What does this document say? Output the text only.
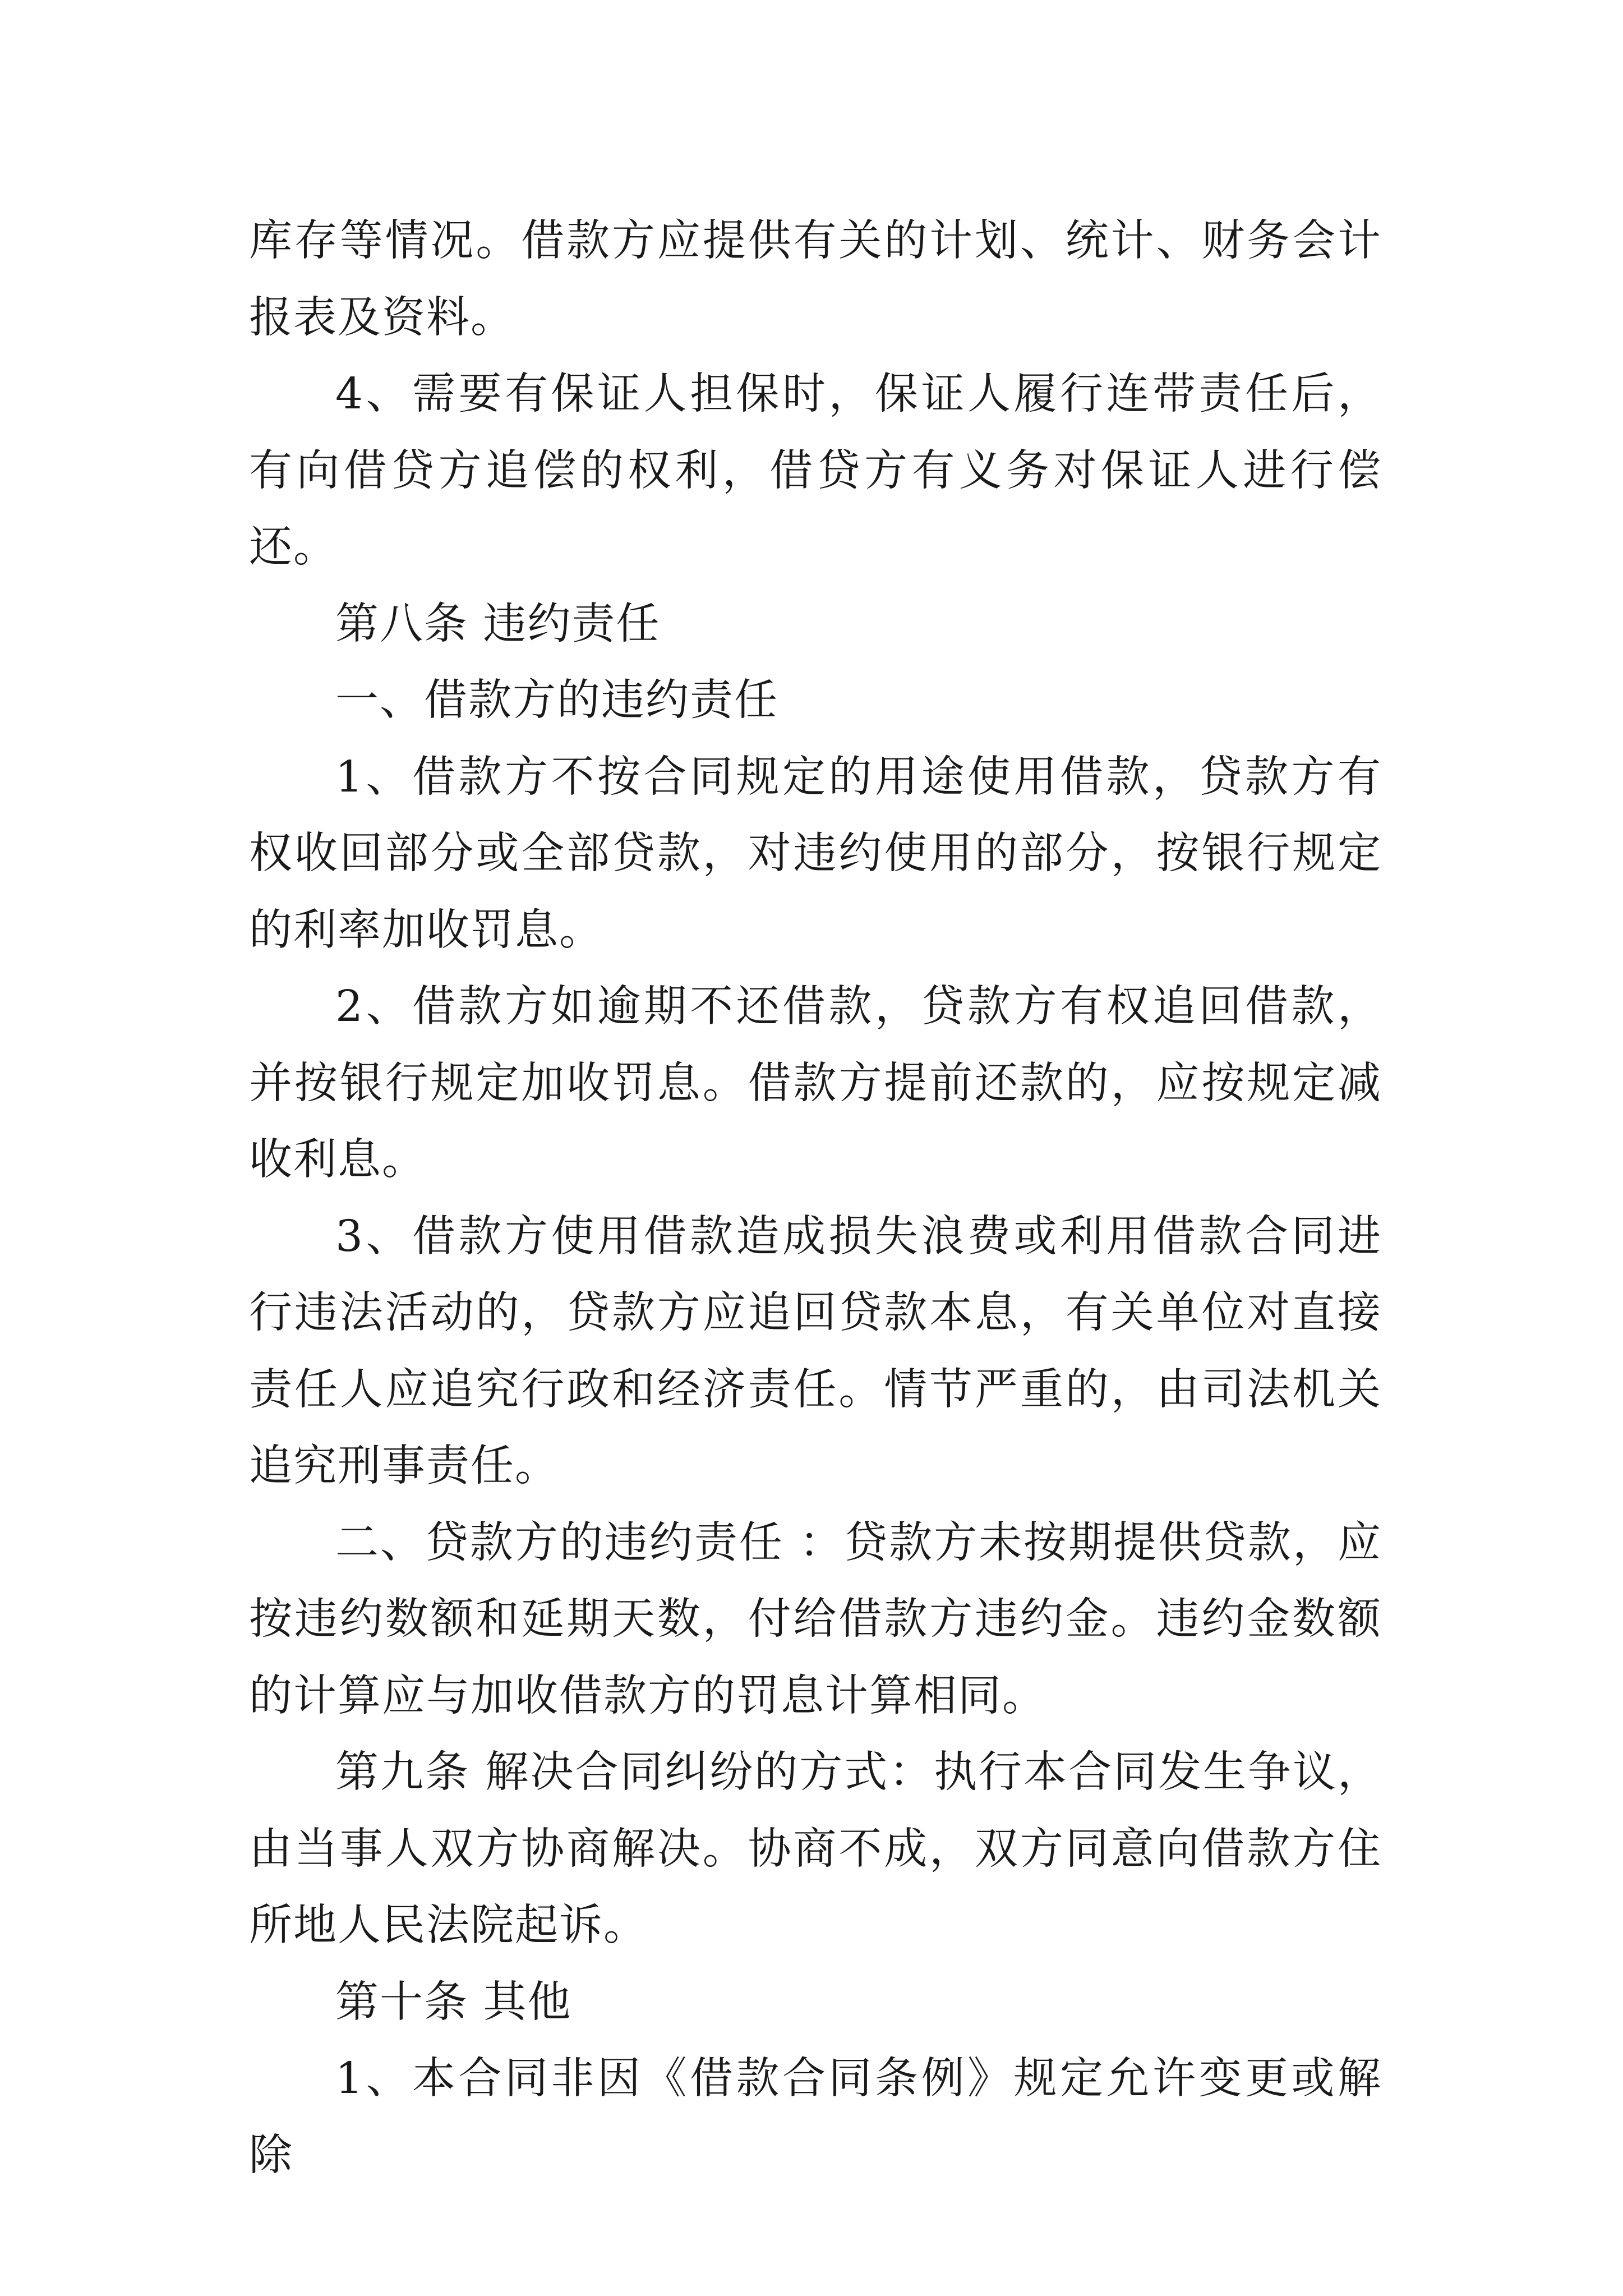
库存等情况。借款方应提供有关的计划、统计、财务会计报表及资料。

4、需要有保证人担保时，保证人履行连带责任后，有向借贷方追偿的权利，借贷方有义务对保证人进行偿还。

第八条 违约责任

一、借款方的违约责任

1、借款方不按合同规定的用途使用借款，贷款方有权收回部分或全部贷款，对违约使用的部分，按银行规定的利率加收罚息。

2、借款方如逾期不还借款，贷款方有权追回借款，并按银行规定加收罚息。借款方提前还款的，应按规定减收利息。

3、借款方使用借款造成损失浪费或利用借款合同进行违法活动的，贷款方应追回贷款本息，有关单位对直接责任人应追究行政和经济责任。情节严重的，由司法机关追究刑事责任。

二、贷款方的违约责任 ：贷款方未按期提供贷款，应按违约数额和延期天数，付给借款方违约金。违约金数额的计算应与加收借款方的罚息计算相同。

第九条 解决合同纠纷的方式：执行本合同发生争议，由当事人双方协商解决。协商不成，双方同意向借款方住所地人民法院起诉。

第十条 其他

1、本合同非因《借款合同条例》规定允许变更或解除
